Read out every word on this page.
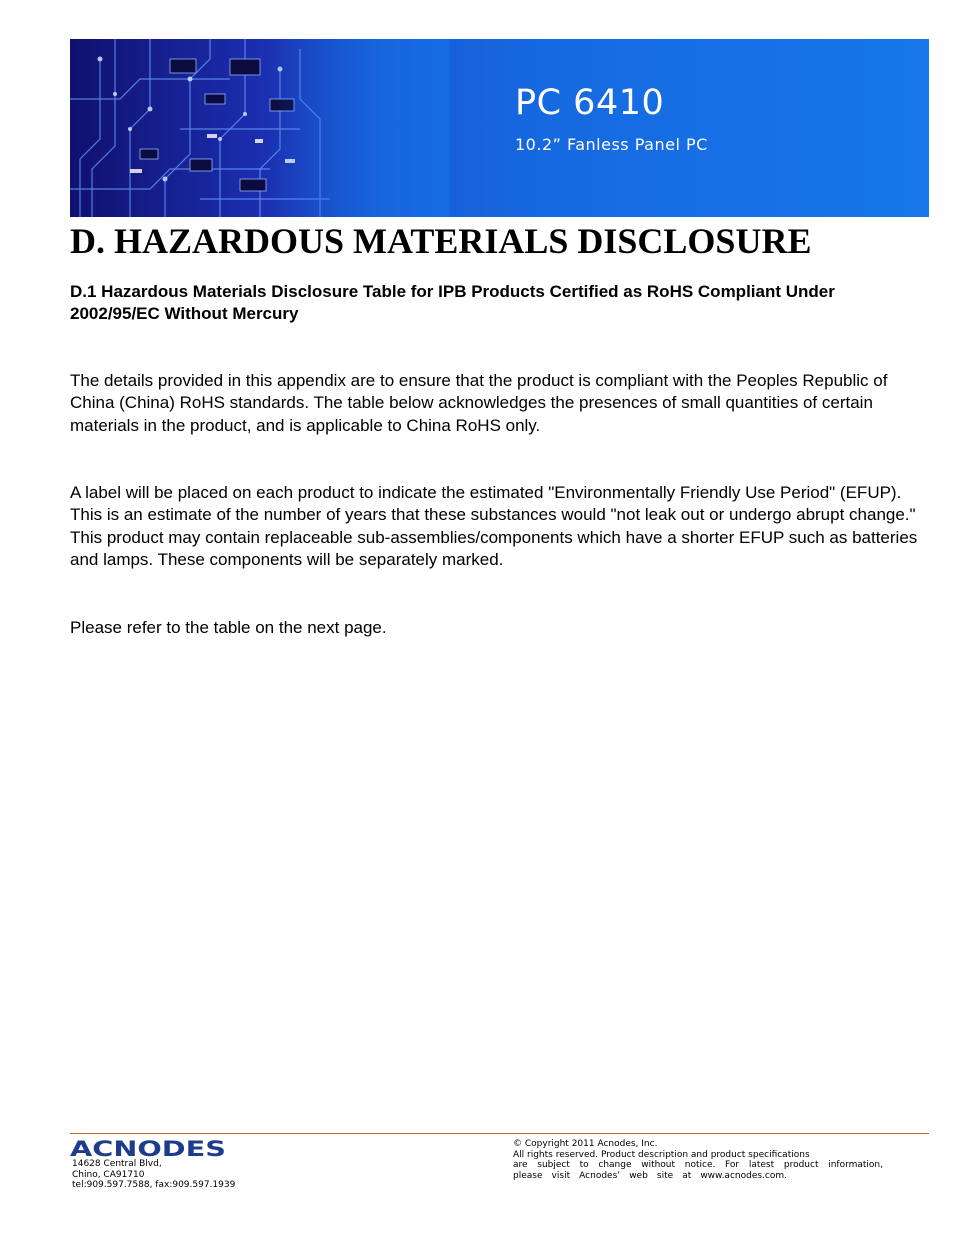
PC 6410
10.2” Fanless Panel PC
D. HAZARDOUS MATERIALS DISCLOSURE
D.1 Hazardous Materials Disclosure Table for IPB Products Certified as RoHS Compliant Under 2002/95/EC Without Mercury

The details provided in this appendix are to ensure that the product is compliant with the Peoples Republic of China (China) RoHS standards. The table below acknowledges the presences of small quantities of certain materials in the product, and is applicable to China RoHS only.

A label will be placed on each product to indicate the estimated "Environmentally Friendly Use Period" (EFUP). This is an estimate of the number of years that these substances would "not leak out or undergo abrupt change." This product may contain replaceable sub-assemblies/components which have a shorter EFUP such as batteries and lamps. These components will be separately marked.

Please refer to the table on the next page.

ACNODES
14628 Central Blvd,
Chino, CA91710
tel:909.597.7588, fax:909.597.1939
© Copyright 2011 Acnodes, Inc.
All rights reserved. Product description and product specifications
are subject to change without notice. For latest product information,
please visit Acnodes’ web site at www.acnodes.com.
